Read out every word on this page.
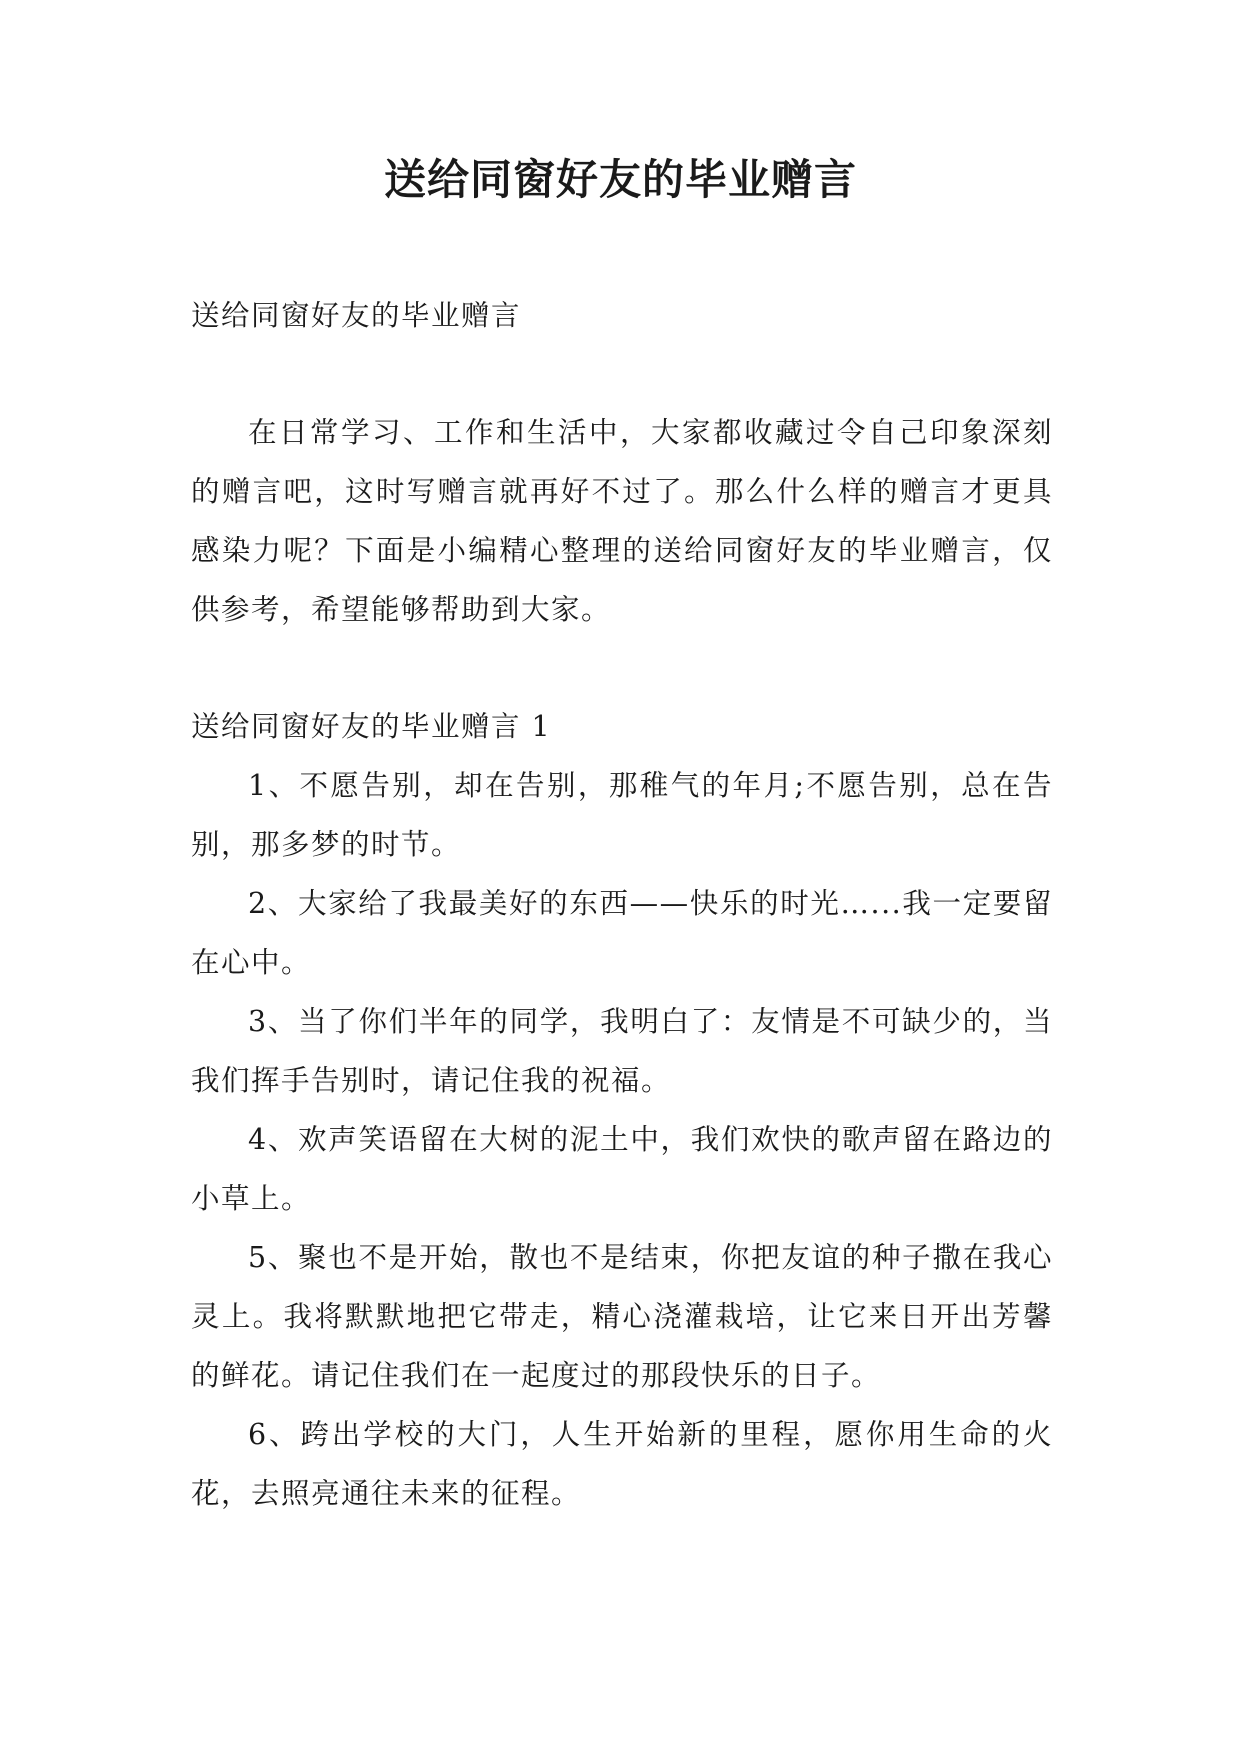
送给同窗好友的毕业赠言

送给同窗好友的毕业赠言

在日常学习、工作和生活中，大家都收藏过令自己印象深刻的赠言吧，这时写赠言就再好不过了。那么什么样的赠言才更具感染力呢？下面是小编精心整理的送给同窗好友的毕业赠言，仅供参考，希望能够帮助到大家。

送给同窗好友的毕业赠言 1

1、不愿告别，却在告别，那稚气的年月;不愿告别，总在告别，那多梦的时节。

2、大家给了我最美好的东西——快乐的时光…...我一定要留在心中。

3、当了你们半年的同学，我明白了：友情是不可缺少的，当我们挥手告别时，请记住我的祝福。

4、欢声笑语留在大树的泥土中，我们欢快的歌声留在路边的小草上。

5、聚也不是开始，散也不是结束，你把友谊的种子撒在我心灵上。我将默默地把它带走，精心浇灌栽培，让它来日开出芳馨的鲜花。请记住我们在一起度过的那段快乐的日子。

6、跨出学校的大门，人生开始新的里程，愿你用生命的火花，去照亮通往未来的征程。
